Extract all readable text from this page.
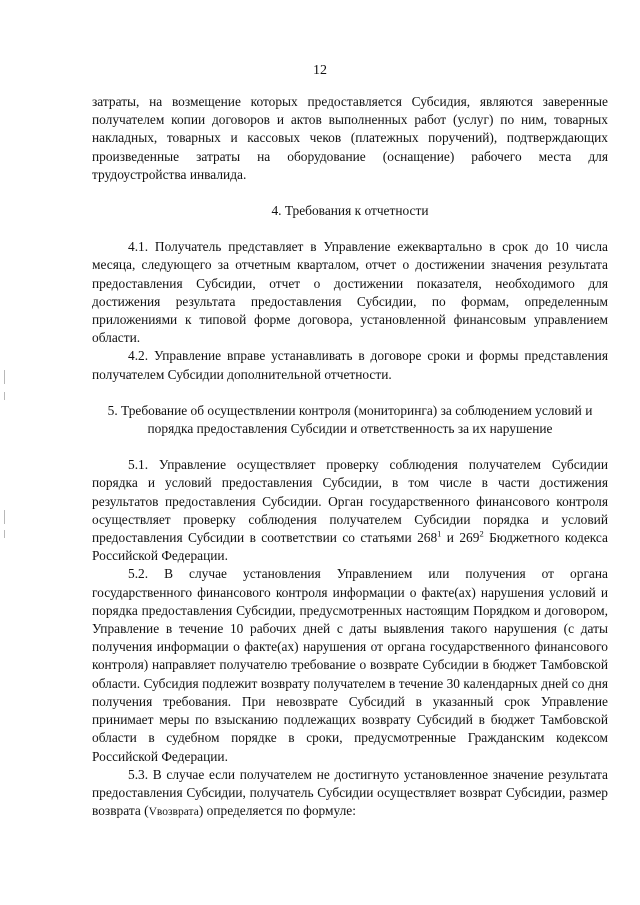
12

затраты, на возмещение которых предоставляется Субсидия, являются заверенные получателем копии договоров и актов выполненных работ (услуг) по ним, товарных накладных, товарных и кассовых чеков (платежных поручений), подтверждающих произведенные затраты на оборудование (оснащение) рабочего места для трудоустройства инвалида.

4. Требования к отчетности

4.1. Получатель представляет в Управление ежеквартально в срок до 10 числа месяца, следующего за отчетным кварталом, отчет о достижении значения результата предоставления Субсидии, отчет о достижении показателя, необходимого для достижения результата предоставления Субсидии, по формам, определенным приложениями к типовой форме договора, установленной финансовым управлением области.

4.2. Управление вправе устанавливать в договоре сроки и формы представления получателем Субсидии дополнительной отчетности.

5. Требование об осуществлении контроля (мониторинга) за соблюдением условий и порядка предоставления Субсидии и ответственность за их нарушение

5.1. Управление осуществляет проверку соблюдения получателем Субсидии порядка и условий предоставления Субсидии, в том числе в части достижения результатов предоставления Субсидии. Орган государственного финансового контроля осуществляет проверку соблюдения получателем Субсидии порядка и условий предоставления Субсидии в соответствии со статьями $268^1$ и $269^2$ Бюджетного кодекса Российской Федерации.

5.2. В случае установления Управлением или получения от органа государственного финансового контроля информации о факте(ах) нарушения условий и порядка предоставления Субсидии, предусмотренных настоящим Порядком и договором, Управление в течение 10 рабочих дней с даты выявления такого нарушения (с даты получения информации о факте(ах) нарушения от органа государственного финансового контроля) направляет получателю требование о возврате Субсидии в бюджет Тамбовской области. Субсидия подлежит возврату получателем в течение 30 календарных дней со дня получения требования. При невозврате Субсидий в указанный срок Управление принимает меры по взысканию подлежащих возврату Субсидий в бюджет Тамбовской области в судебном порядке в сроки, предусмотренные Гражданским кодексом Российской Федерации.

5.3. В случае если получателем не достигнуто установленное значение результата предоставления Субсидии, получатель Субсидии осуществляет возврат Субсидии, размер возврата (Vвозврата) определяется по формуле:
